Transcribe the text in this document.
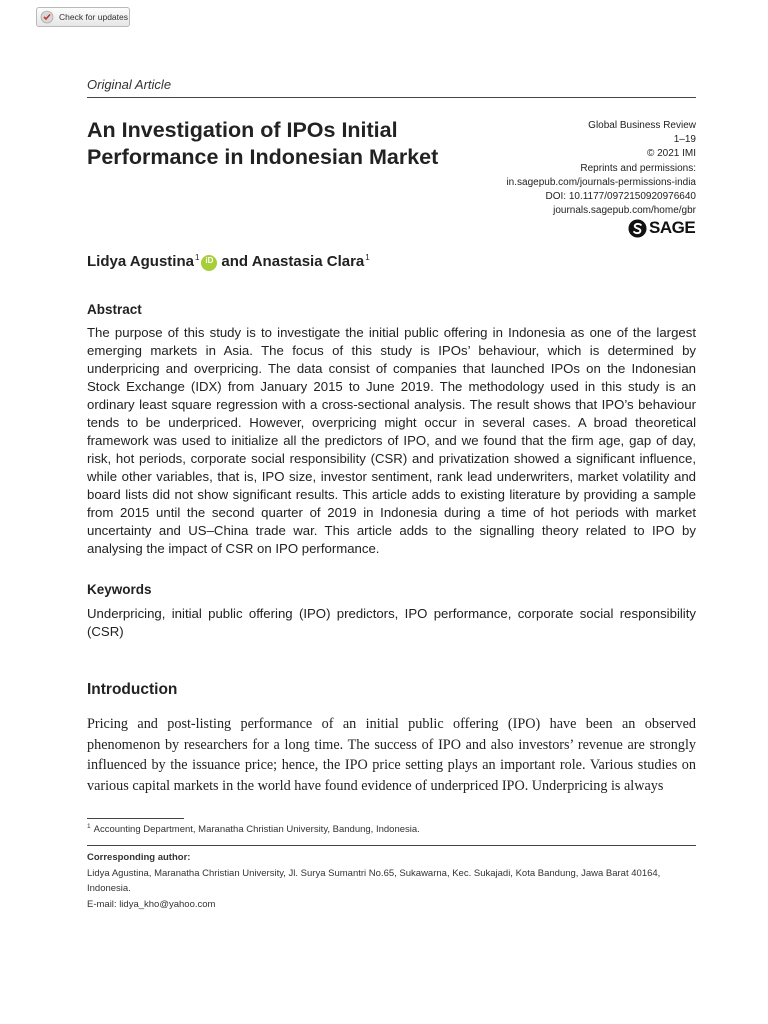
Check for updates
Original Article
An Investigation of IPOs Initial Performance in Indonesian Market
Global Business Review
1–19
© 2021 IMI
Reprints and permissions:
in.sagepub.com/journals-permissions-india
DOI: 10.1177/0972150920976640
journals.sagepub.com/home/gbr
SAGE
Lidya Agustina$^1$ iD and Anastasia Clara$^1$
Abstract

The purpose of this study is to investigate the initial public offering in Indonesia as one of the largest emerging markets in Asia. The focus of this study is IPOs’ behaviour, which is determined by underpricing and overpricing. The data consist of companies that launched IPOs on the Indonesian Stock Exchange (IDX) from January 2015 to June 2019. The methodology used in this study is an ordinary least square regression with a cross-sectional analysis. The result shows that IPO’s behaviour tends to be underpriced. However, overpricing might occur in several cases. A broad theoretical framework was used to initialize all the predictors of IPO, and we found that the firm age, gap of day, risk, hot periods, corporate social responsibility (CSR) and privatization showed a significant influence, while other variables, that is, IPO size, investor sentiment, rank lead underwriters, market volatility and board lists did not show significant results. This article adds to existing literature by providing a sample from 2015 until the second quarter of 2019 in Indonesia during a time of hot periods with market uncertainty and US–China trade war. This article adds to the signalling theory related to IPO by analysing the impact of CSR on IPO performance.

Keywords

Underpricing, initial public offering (IPO) predictors, IPO performance, corporate social responsibility (CSR)

Introduction

Pricing and post-listing performance of an initial public offering (IPO) have been an observed phenomenon by researchers for a long time. The success of IPO and also investors’ revenue are strongly influenced by the issuance price; hence, the IPO price setting plays an important role. Various studies on various capital markets in the world have found evidence of underpriced IPO. Underpricing is always

$^1$ Accounting Department, Maranatha Christian University, Bandung, Indonesia.
Corresponding author:
Lidya Agustina, Maranatha Christian University, Jl. Surya Sumantri No.65, Sukawarna, Kec. Sukajadi, Kota Bandung, Jawa Barat 40164, Indonesia.
E-mail: lidya_kho@yahoo.com
